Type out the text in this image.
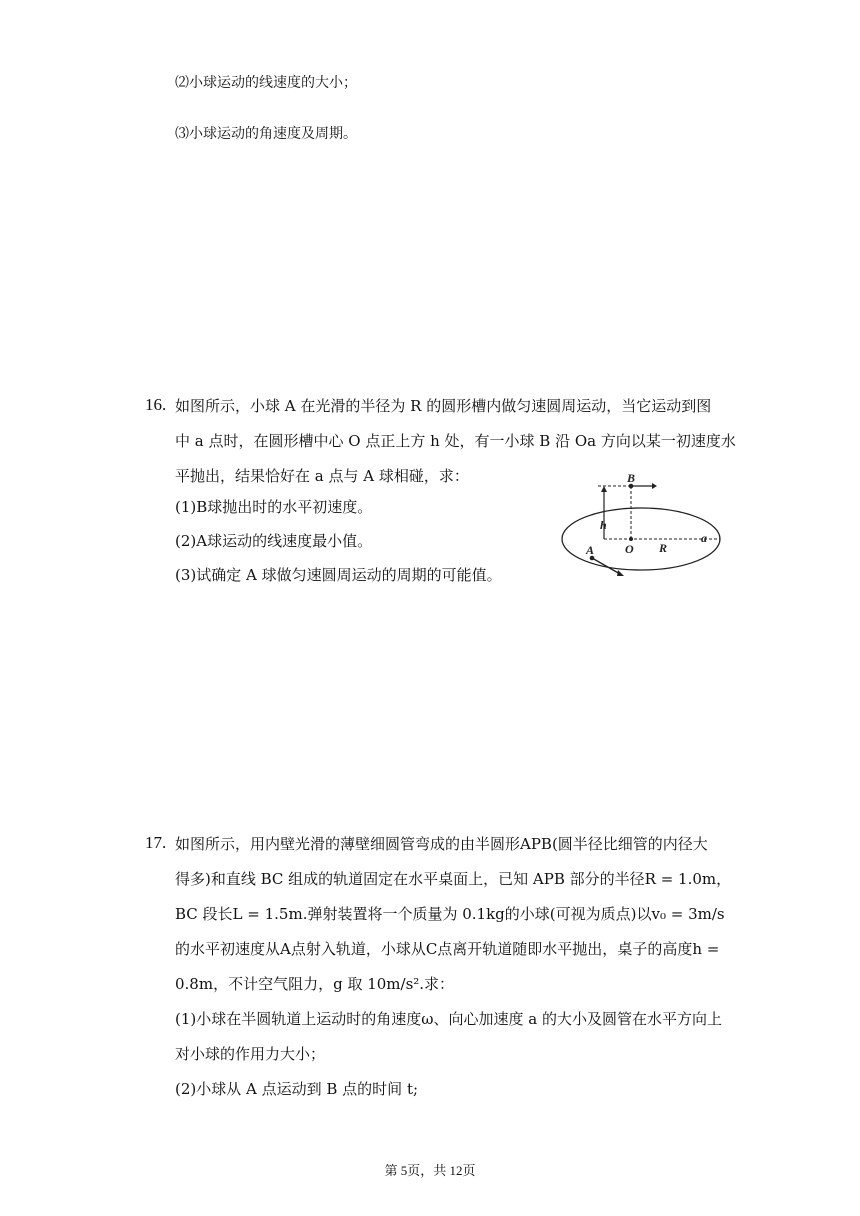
⑵小球运动的线速度的大小；
⑶小球运动的角速度及周期。
16. 如图所示，小球 A 在光滑的半径为 R 的圆形槽内做匀速圆周运动，当它运动到图
中 a 点时，在圆形槽中心 O 点正上方 h 处，有一小球 B 沿 Oa 方向以某一初速度水
平抛出，结果恰好在 a 点与 A 球相碰，求：
(1)B球抛出时的水平初速度。
(2)A球运动的线速度最小值。
(3)试确定 A 球做匀速圆周运动的周期的可能值。
B
h
O R
a
A
17. 如图所示，用内壁光滑的薄壁细圆管弯成的由半圆形APB(圆半径比细管的内径大
得多)和直线 BC 组成的轨道固定在水平桌面上，已知 APB 部分的半径R = 1.0m，
BC 段长L = 1.5m.弹射装置将一个质量为 0.1kg的小球(可视为质点)以v₀ = 3m/s
的水平初速度从A点射入轨道，小球从C点离开轨道随即水平抛出，桌子的高度h =
0.8m，不计空气阻力，g 取 10m/s².求：
(1)小球在半圆轨道上运动时的角速度ω、向心加速度 a 的大小及圆管在水平方向上
对小球的作用力大小；
(2)小球从 A 点运动到 B 点的时间 t;
第 5页，共 12页
